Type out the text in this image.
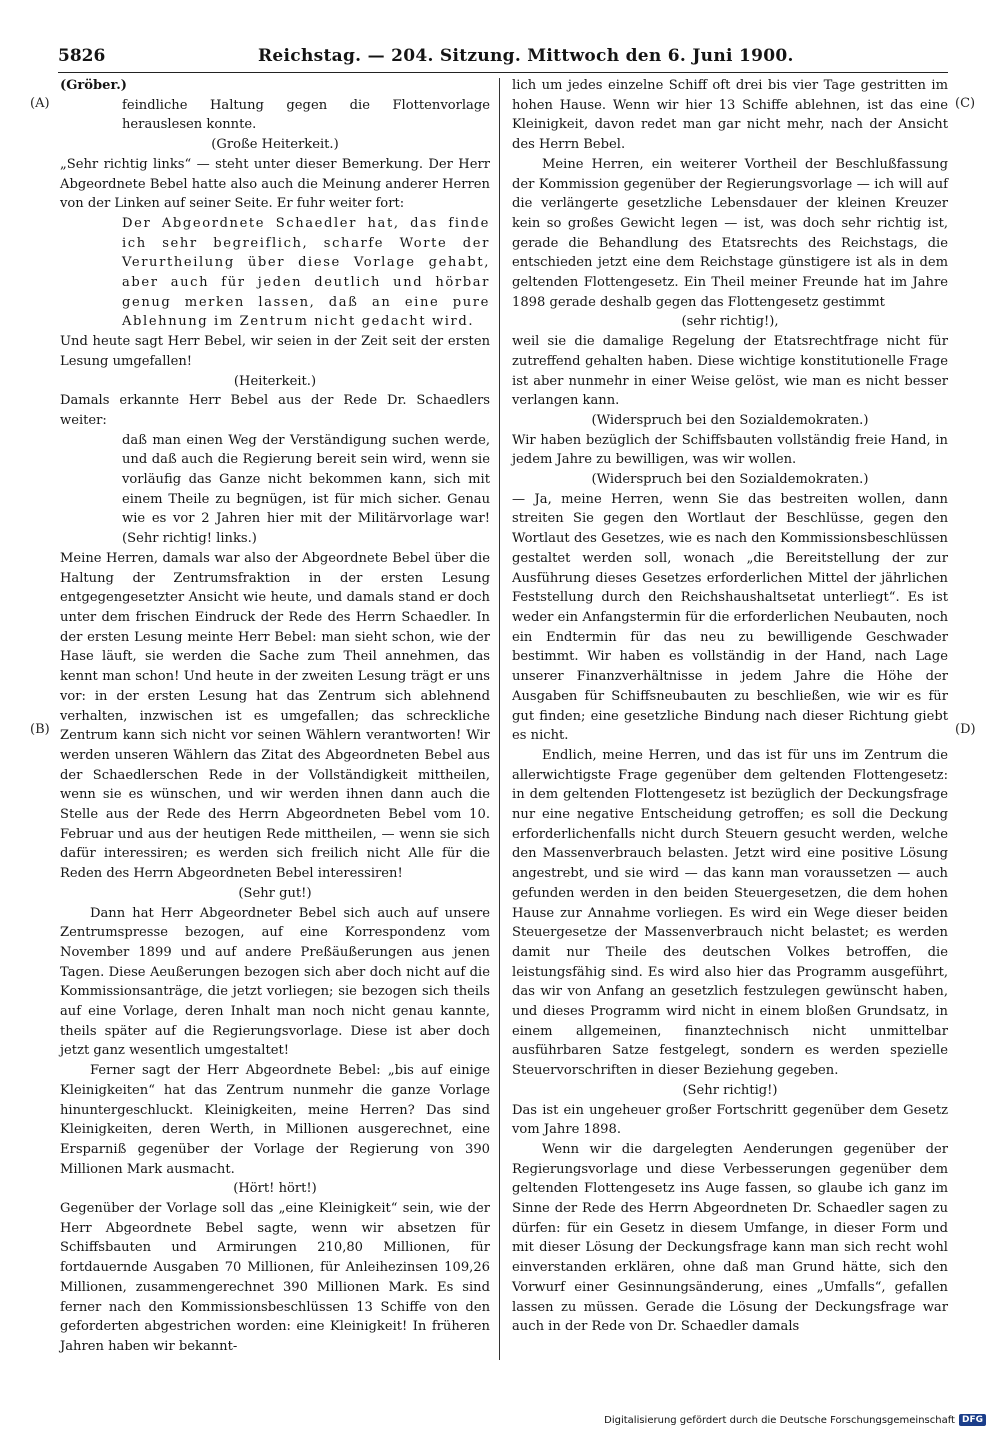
5826	Reichstag. — 204. Sitzung. Mittwoch den 6. Juni 1900.
(A)
(B)
(C)
(D)

(Gröber.)

feindliche Haltung gegen die Flottenvorlage herauslesen konnte.

(Große Heiterkeit.)

„Sehr richtig links“ — steht unter dieser Bemerkung. Der Herr Abgeordnete Bebel hatte also auch die Meinung anderer Herren von der Linken auf seiner Seite. Er fuhr weiter fort:

Der Abgeordnete Schaedler hat, das finde ich sehr begreiflich, scharfe Worte der Verurtheilung über diese Vorlage gehabt, aber auch für jeden deutlich und hörbar genug merken lassen, daß an eine pure Ablehnung im Zentrum nicht gedacht wird.

Und heute sagt Herr Bebel, wir seien in der Zeit seit der ersten Lesung umgefallen!

(Heiterkeit.)

Damals erkannte Herr Bebel aus der Rede Dr. Schaedlers weiter:

daß man einen Weg der Verständigung suchen werde, und daß auch die Regierung bereit sein wird, wenn sie vorläufig das Ganze nicht bekommen kann, sich mit einem Theile zu begnügen, ist für mich sicher. Genau wie es vor 2 Jahren hier mit der Militärvorlage war! (Sehr richtig! links.)

Meine Herren, damals war also der Abgeordnete Bebel über die Haltung der Zentrumsfraktion in der ersten Lesung entgegengesetzter Ansicht wie heute, und damals stand er doch unter dem frischen Eindruck der Rede des Herrn Schaedler. In der ersten Lesung meinte Herr Bebel: man sieht schon, wie der Hase läuft, sie werden die Sache zum Theil annehmen, das kennt man schon! Und heute in der zweiten Lesung trägt er uns vor: in der ersten Lesung hat das Zentrum sich ablehnend verhalten, inzwischen ist es umgefallen; das schreckliche Zentrum kann sich nicht vor seinen Wählern verantworten! Wir werden unseren Wählern das Zitat des Abgeordneten Bebel aus der Schaedlerschen Rede in der Vollständigkeit mittheilen, wenn sie es wünschen, und wir werden ihnen dann auch die Stelle aus der Rede des Herrn Abgeordneten Bebel vom 10. Februar und aus der heutigen Rede mittheilen, — wenn sie sich dafür interessiren; es werden sich freilich nicht Alle für die Reden des Herrn Abgeordneten Bebel interessiren!

(Sehr gut!)

Dann hat Herr Abgeordneter Bebel sich auch auf unsere Zentrumspresse bezogen, auf eine Korrespondenz vom November 1899 und auf andere Preßäußerungen aus jenen Tagen. Diese Aeußerungen bezogen sich aber doch nicht auf die Kommissionsanträge, die jetzt vorliegen; sie bezogen sich theils auf eine Vorlage, deren Inhalt man noch nicht genau kannte, theils später auf die Regierungsvorlage. Diese ist aber doch jetzt ganz wesentlich umgestaltet!

Ferner sagt der Herr Abgeordnete Bebel: „bis auf einige Kleinigkeiten“ hat das Zentrum nunmehr die ganze Vorlage hinuntergeschluckt. Kleinigkeiten, meine Herren? Das sind Kleinigkeiten, deren Werth, in Millionen ausgerechnet, eine Ersparniß gegenüber der Vorlage der Regierung von 390 Millionen Mark ausmacht.

(Hört! hört!)

Gegenüber der Vorlage soll das „eine Kleinigkeit“ sein, wie der Herr Abgeordnete Bebel sagte, wenn wir absetzen für Schiffsbauten und Armirungen 210,80 Millionen, für fortdauernde Ausgaben 70 Millionen, für Anleihezinsen 109,26 Millionen, zusammengerechnet 390 Millionen Mark. Es sind ferner nach den Kommissionsbeschlüssen 13 Schiffe von den geforderten abgestrichen worden: eine Kleinigkeit! In früheren Jahren haben wir bekannt-

lich um jedes einzelne Schiff oft drei bis vier Tage gestritten im hohen Hause. Wenn wir hier 13 Schiffe ablehnen, ist das eine Kleinigkeit, davon redet man gar nicht mehr, nach der Ansicht des Herrn Bebel.

Meine Herren, ein weiterer Vortheil der Beschlußfassung der Kommission gegenüber der Regierungsvorlage — ich will auf die verlängerte gesetzliche Lebensdauer der kleinen Kreuzer kein so großes Gewicht legen — ist, was doch sehr richtig ist, gerade die Behandlung des Etatsrechts des Reichstags, die entschieden jetzt eine dem Reichstage günstigere ist als in dem geltenden Flottengesetz. Ein Theil meiner Freunde hat im Jahre 1898 gerade deshalb gegen das Flottengesetz gestimmt

(sehr richtig!),

weil sie die damalige Regelung der Etatsrechtfrage nicht für zutreffend gehalten haben. Diese wichtige konstitutionelle Frage ist aber nunmehr in einer Weise gelöst, wie man es nicht besser verlangen kann.

(Widerspruch bei den Sozialdemokraten.)

Wir haben bezüglich der Schiffsbauten vollständig freie Hand, in jedem Jahre zu bewilligen, was wir wollen.

(Widerspruch bei den Sozialdemokraten.)

— Ja, meine Herren, wenn Sie das bestreiten wollen, dann streiten Sie gegen den Wortlaut der Beschlüsse, gegen den Wortlaut des Gesetzes, wie es nach den Kommissionsbeschlüssen gestaltet werden soll, wonach „die Bereitstellung der zur Ausführung dieses Gesetzes erforderlichen Mittel der jährlichen Feststellung durch den Reichshaushaltsetat unterliegt“. Es ist weder ein Anfangstermin für die erforderlichen Neubauten, noch ein Endtermin für das neu zu bewilligende Geschwader bestimmt. Wir haben es vollständig in der Hand, nach Lage unserer Finanzverhältnisse in jedem Jahre die Höhe der Ausgaben für Schiffsneubauten zu beschließen, wie wir es für gut finden; eine gesetzliche Bindung nach dieser Richtung giebt es nicht.

Endlich, meine Herren, und das ist für uns im Zentrum die allerwichtigste Frage gegenüber dem geltenden Flottengesetz: in dem geltenden Flottengesetz ist bezüglich der Deckungsfrage nur eine negative Entscheidung getroffen; es soll die Deckung erforderlichenfalls nicht durch Steuern gesucht werden, welche den Massenverbrauch belasten. Jetzt wird eine positive Lösung angestrebt, und sie wird — das kann man voraussetzen — auch gefunden werden in den beiden Steuergesetzen, die dem hohen Hause zur Annahme vorliegen. Es wird ein Wege dieser beiden Steuergesetze der Massenverbrauch nicht belastet; es werden damit nur Theile des deutschen Volkes betroffen, die leistungsfähig sind. Es wird also hier das Programm ausgeführt, das wir von Anfang an gesetzlich festzulegen gewünscht haben, und dieses Programm wird nicht in einem bloßen Grundsatz, in einem allgemeinen, finanztechnisch nicht unmittelbar ausführbaren Satze festgelegt, sondern es werden spezielle Steuervorschriften in dieser Beziehung gegeben.

(Sehr richtig!)

Das ist ein ungeheuer großer Fortschritt gegenüber dem Gesetz vom Jahre 1898.

Wenn wir die dargelegten Aenderungen gegenüber der Regierungsvorlage und diese Verbesserungen gegenüber dem geltenden Flottengesetz ins Auge fassen, so glaube ich ganz im Sinne der Rede des Herrn Abgeordneten Dr. Schaedler sagen zu dürfen: für ein Gesetz in diesem Umfange, in dieser Form und mit dieser Lösung der Deckungsfrage kann man sich recht wohl einverstanden erklären, ohne daß man Grund hätte, sich den Vorwurf einer Gesinnungsänderung, eines „Umfalls“, gefallen lassen zu müssen. Gerade die Lösung der Deckungsfrage war auch in der Rede von Dr. Schaedler damals

Digitalisierung gefördert durch die Deutsche Forschungsgemeinschaft DFG
